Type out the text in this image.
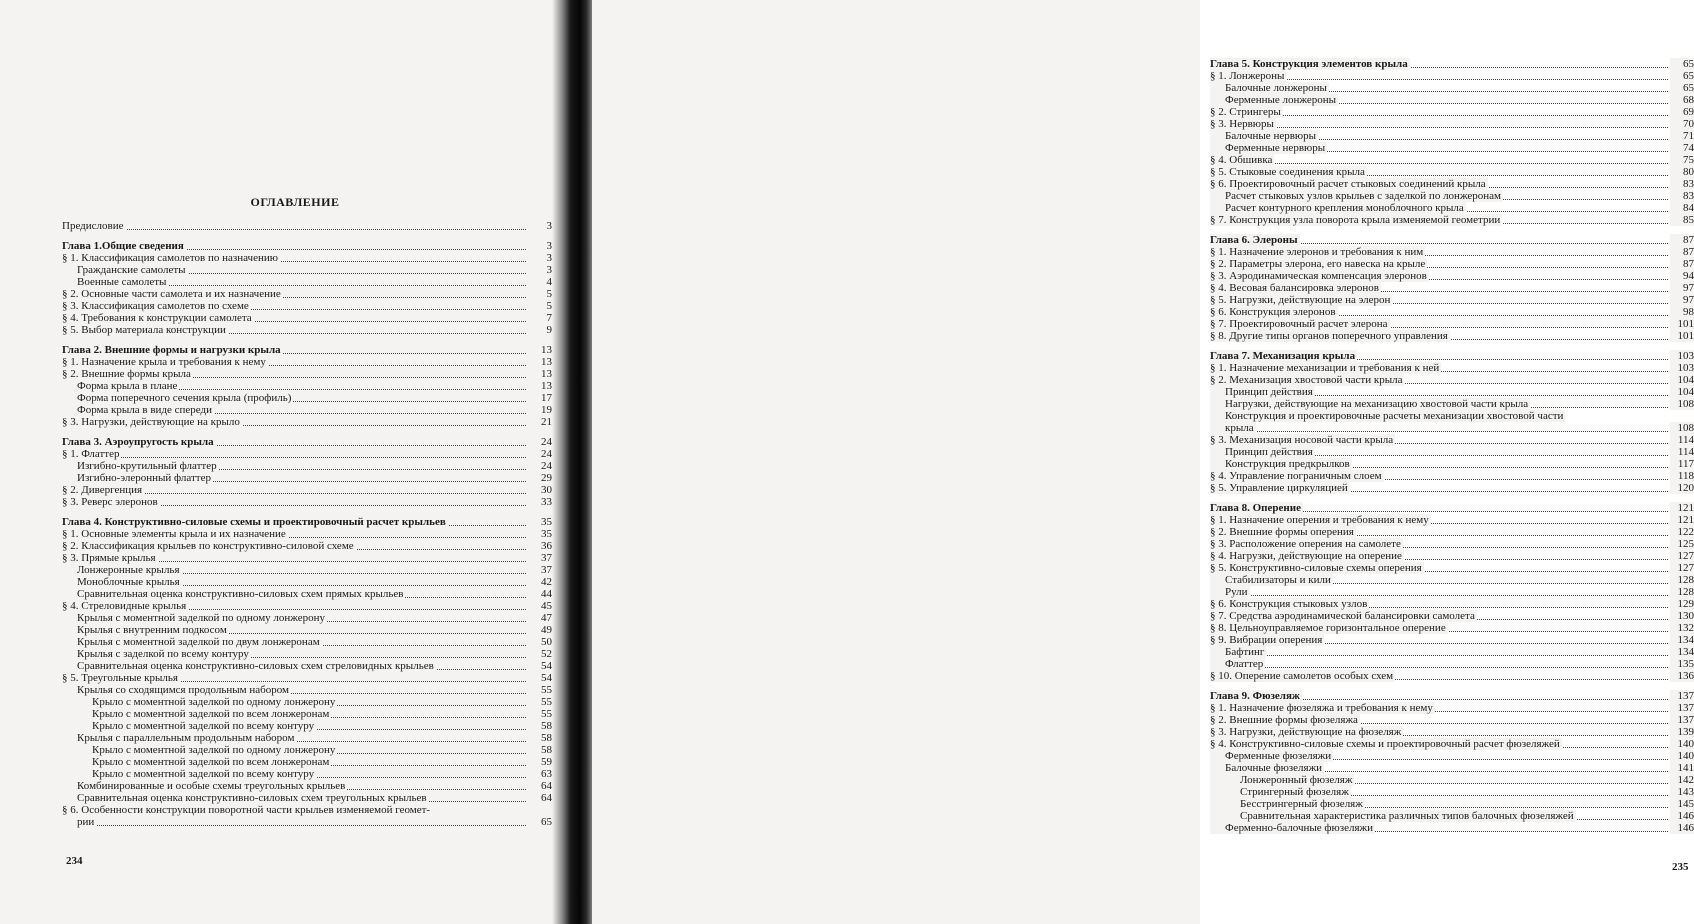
ОГЛАВЛЕНИЕ
Предисловие	3
Глава 1.Общие сведения	3
§ 1. Классификация самолетов по назначению	3
Гражданские самолеты	3
Военные самолеты	4
§ 2. Основные части самолета и их назначение	5
§ 3. Классификация самолетов по схеме	5
§ 4. Требования к конструкции самолета	7
§ 5. Выбор материала конструкции	9
Глава 2. Внешние формы и нагрузки крыла	13
§ 1. Назначение крыла и требования к нему	13
§ 2. Внешние формы крыла	13
Форма крыла в плане	13
Форма поперечного сечения крыла (профиль)	17
Форма крыла в виде спереди	19
§ 3. Нагрузки, действующие на крыло	21
Глава 3. Аэроупругость крыла	24
§ 1. Флаттер	24
Изгибно-крутильный флаттер	24
Изгибно-элеронный флаттер	29
§ 2. Дивергенция	30
§ 3. Реверс элеронов	33
Глава 4. Конструктивно-силовые схемы и проектировочный расчет крыльев	35
§ 1. Основные элементы крыла и их назначение	35
§ 2. Классификация крыльев по конструктивно-силовой схеме	36
§ 3. Прямые крылья	37
Лонжеронные крылья	37
Моноблочные крылья	42
Сравнительная оценка конструктивно-силовых схем прямых крыльев	44
§ 4. Стреловидные крылья	45
Крылья с моментной заделкой по одному лонжерону	47
Крылья с внутренним подкосом	49
Крылья с моментной заделкой по двум лонжеронам	50
Крылья с заделкой по всему контуру	52
Сравнительная оценка конструктивно-силовых схем стреловидных крыльев	54
§ 5. Треугольные крылья	54
Крылья со сходящимся продольным набором	55
Крыло с моментной заделкой по одному лонжерону	55
Крыло с моментной заделкой по всем лонжеронам	55
Крыло с моментной заделкой по всему контуру	58
Крылья с параллельным продольным набором	58
Крыло с моментной заделкой по одному лонжерону	58
Крыло с моментной заделкой по всем лонжеронам	59
Крыло с моментной заделкой по всему контуру	63
Комбинированные и особые схемы треугольных крыльев	64
Сравнительная оценка конструктивно-силовых схем треугольных крыльев	64
§ 6. Особенности конструкции поворотной части крыльев изменяемой геомет-
рии	65
234
Глава 5. Конструкция элементов крыла	65
§ 1. Лонжероны	65
Балочные лонжероны	65
Ферменные лонжероны	68
§ 2. Стрингеры	69
§ 3. Нервюры	70
Балочные нервюры	71
Ферменные нервюры	74
§ 4. Обшивка	75
§ 5. Стыковые соединения крыла	80
§ 6. Проектировочный расчет стыковых соединений крыла	83
Расчет стыковых узлов крыльев с заделкой по лонжеронам	83
Расчет контурного крепления моноблочного крыла	84
§ 7. Конструкция узла поворота крыла изменяемой геометрии	85
Глава 6. Элероны	87
§ 1. Назначение элеронов и требования к ним	87
§ 2. Параметры элерона, его навеска на крыле	87
§ 3. Аэродинамическая компенсация элеронов	94
§ 4. Весовая балансировка элеронов	97
§ 5. Нагрузки, действующие на элерон	97
§ 6. Конструкция элеронов	98
§ 7. Проектировочный расчет элерона	101
§ 8. Другие типы органов поперечного управления	101
Глава 7. Механизация крыла	103
§ 1. Назначение механизации и требования к ней	103
§ 2. Механизация хвостовой части крыла	104
Принцип действия	104
Нагрузки, действующие на механизацию хвостовой части крыла	108
Конструкция и проектировочные расчеты механизации хвостовой части
крыла	108
§ 3. Механизация носовой части крыла	114
Принцип действия	114
Конструкция предкрылков	117
§ 4. Управление пограничным слоем	118
§ 5. Управление циркуляцией	120
Глава 8. Оперение	121
§ 1. Назначение оперения и требования к нему	121
§ 2. Внешние формы оперения	122
§ 3. Расположение оперения на самолете	125
§ 4. Нагрузки, действующие на оперение	127
§ 5. Конструктивно-силовые схемы оперения	127
Стабилизаторы и кили	128
Рули	128
§ 6. Конструкция стыковых узлов	129
§ 7. Средства аэродинамической балансировки самолета	130
§ 8. Цельноуправляемое горизонтальное оперение	132
§ 9. Вибрации оперения	134
Бафтинг	134
Флаттер	135
§ 10. Оперение самолетов особых схем	136
Глава 9. Фюзеляж	137
§ 1. Назначение фюзеляжа и требования к нему	137
§ 2. Внешние формы фюзеляжа	137
§ 3. Нагрузки, действующие на фюзеляж	139
§ 4. Конструктивно-силовые схемы и проектировочный расчет фюзеляжей	140
Ферменные фюзеляжи	140
Балочные фюзеляжи	141
Лонжеронный фюзеляж	142
Стрингерный фюзеляж	143
Бесстрингерный фюзеляж	145
Сравнительная характеристика различных типов балочных фюзеляжей	146
Ферменно-балочные фюзеляжи	146
235
